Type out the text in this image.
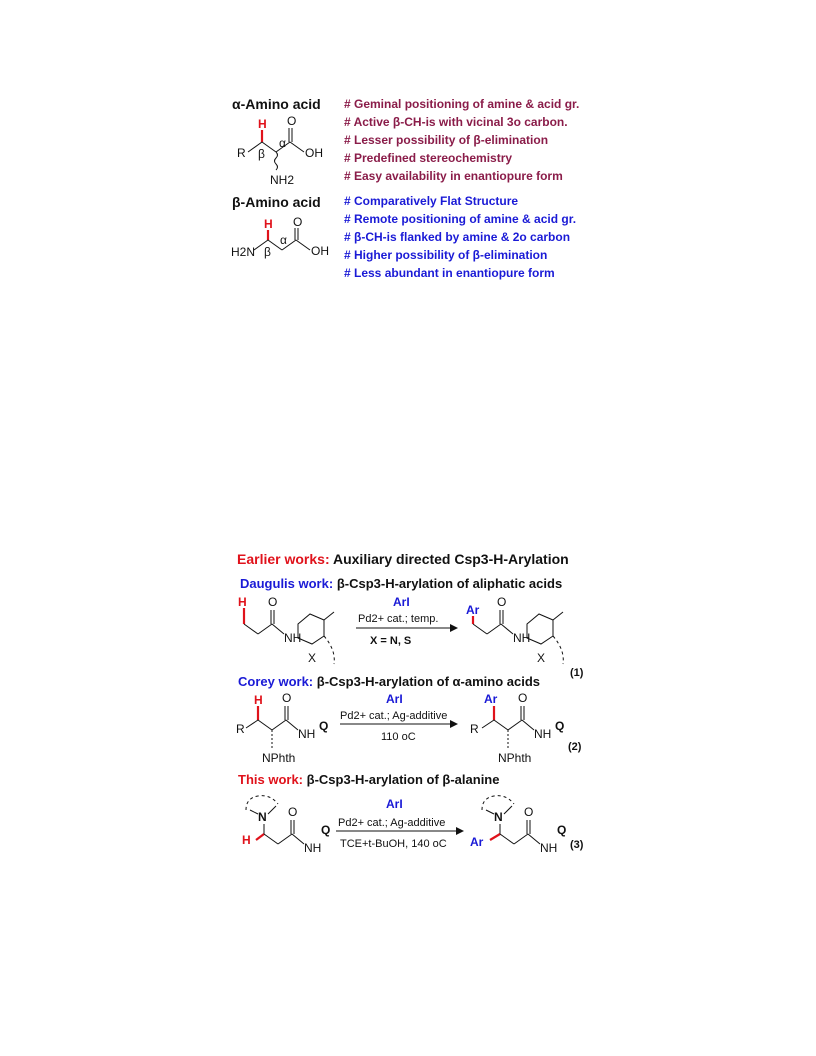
α-Amino acid
H
R β
α
O
OH
NH2
# Geminal positioning of amine & acid gr.
# Active β-CH-is with vicinal 3o carbon.
# Lesser possibility of β-elimination
# Predefined stereochemistry
# Easy availability in enantiopure form
β-Amino acid
H
H2N β
α
O
OH
# Comparatively Flat Structure
# Remote positioning of amine & acid gr.
# β-CH-is flanked by amine & 2o carbon
# Higher possibility of β-elimination
# Less abundant in enantiopure form
Earlier works: Auxiliary directed Csp3-H-Arylation
Daugulis work: β-Csp3-H-arylation of aliphatic acids
H O
NH
X
ArI
Pd2+ cat.; temp.
X = N, S
Ar
O
NH
X
(1)
Corey work: β-Csp3-H-arylation of α-amino acids
H
R
O
NH
Q
NPhth
ArI
Pd2+ cat.; Ag-additive
110 oC
Ar
R
O
NH
Q
NPhth
(2)
This work: β-Csp3-H-arylation of β-alanine
N
H
O
NH
Q
ArI
Pd2+ cat.; Ag-additive
TCE+t-BuOH, 140 oC
N
Ar
O
NH
Q
(3)
